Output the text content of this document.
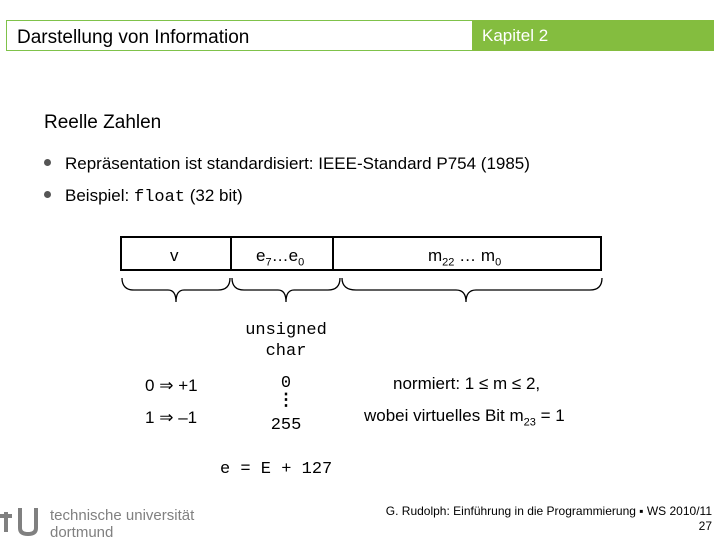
Darstellung von Information	Kapitel 2
Reelle Zahlen
Repräsentation ist standardisiert: IEEE-Standard P754 (1985)
Beispiel:
float
(32 bit)
v	$e_7\dots e_0$	$m_{22}$ … $m_0$
unsigned
char
0 ⇒ +1
1 ⇒ –1
0
⋮
255
normiert: 1 ≤ m ≤ 2,
wobei virtuelles Bit $m_{23} = 1$
e = E + 127
technische universität
dortmund
G. Rudolph: Einführung in die Programmierung ▪ WS 2010/11
27
